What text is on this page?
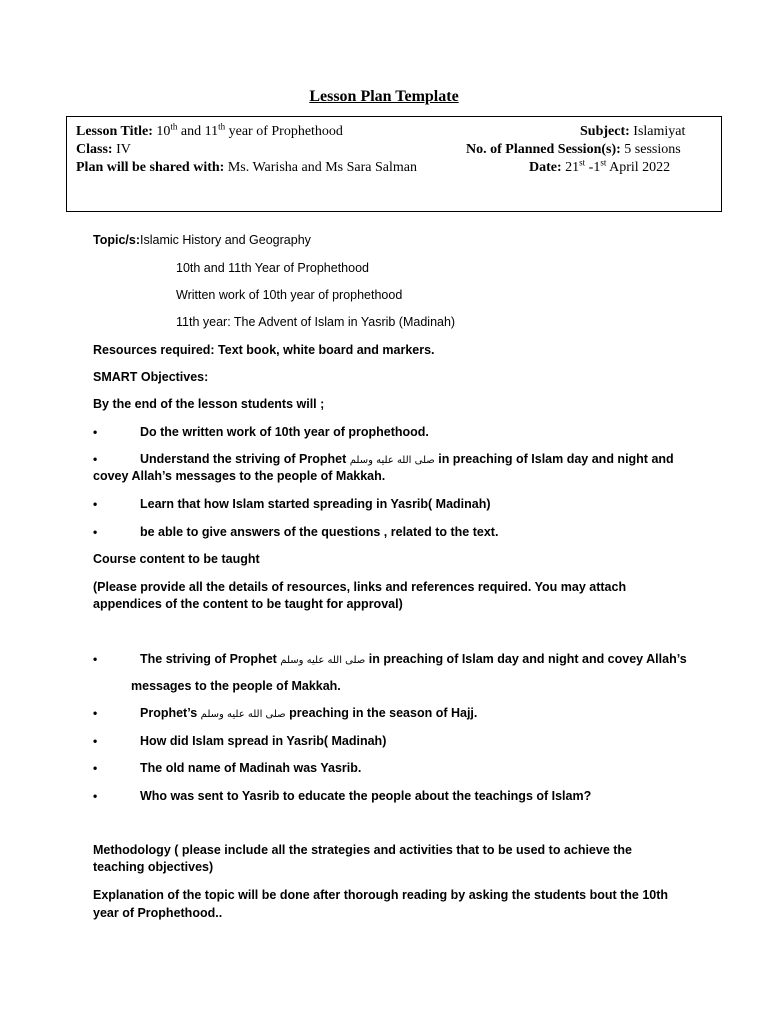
Lesson Plan Template
Lesson Title: 10th and 11th year of Prophethood	Subject: Islamiyat
Class: IV	No. of Planned Session(s): 5 sessions
Plan will be shared with: Ms. Warisha and Ms Sara Salman	Date: 21st -1st April 2022
Topic/s:Islamic History and Geography
10th and 11th Year of Prophethood
Written work of 10th year of prophethood
11th year: The Advent of Islam in Yasrib (Madinah)
Resources required: Text book, white board and markers.
SMART Objectives:
By the end of the lesson students will ;
•	Do the written work of 10th year of prophethood.
•	Understand the striving of Prophet صلى الله عليه وسلم in preaching of Islam day and night and
covey Allah’s messages to the people of Makkah.
•	Learn that how Islam started spreading in Yasrib( Madinah)
•	be able to give answers of the questions , related to the text.
Course content to be taught
(Please provide all the details of resources, links and references required. You may attach
appendices of the content to be taught for approval)
•	The striving of Prophet صلى الله عليه وسلم in preaching of Islam day and night and covey Allah’s
messages to the people of Makkah.
•	Prophet’s صلى الله عليه وسلم preaching in the season of Hajj.
•	How did Islam spread in Yasrib( Madinah)
•	The old name of Madinah was Yasrib.
•	Who was sent to Yasrib to educate the people about the teachings of Islam?
Methodology ( please include all the strategies and activities that to be used to achieve the
teaching objectives)
Explanation of the topic will be done after thorough reading by asking the students bout the 10th
year of Prophethood..
